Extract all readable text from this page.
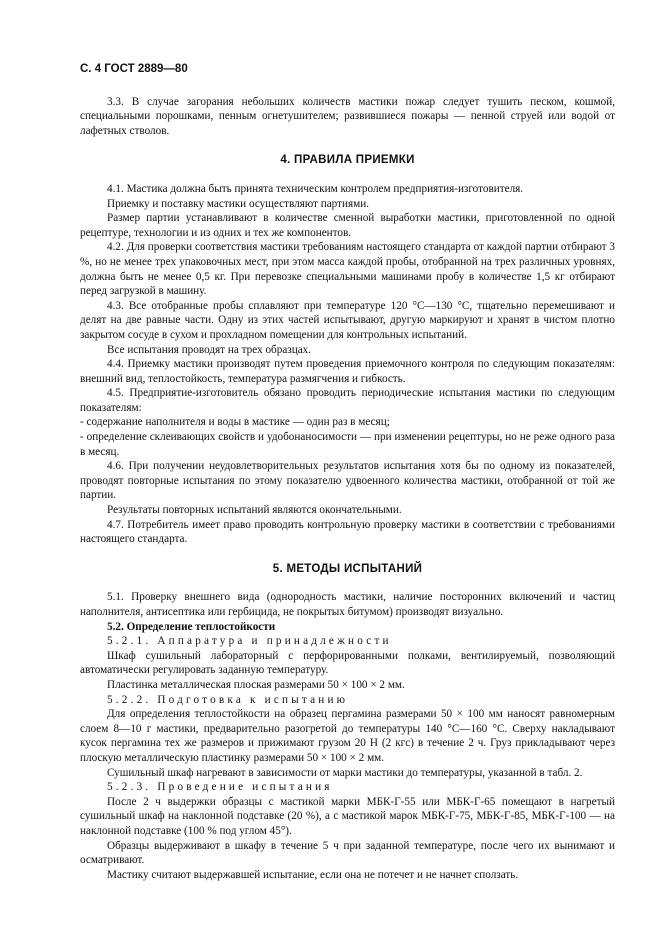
С. 4 ГОСТ 2889—80

3.3. В случае загорания небольших количеств мастики пожар следует тушить песком, кошмой, специальными порошками, пенным огнетушителем; развившиеся пожары — пенной струей или водой от лафетных стволов.

4. ПРАВИЛА ПРИЕМКИ

4.1. Мастика должна быть принята техническим контролем предприятия-изготовителя.

Приемку и поставку мастики осуществляют партиями.

Размер партии устанавливают в количестве сменной выработки мастики, приготовленной по одной рецептуре, технологии и из одних и тех же компонентов.

4.2. Для проверки соответствия мастики требованиям настоящего стандарта от каждой партии отбирают 3 %, но не менее трех упаковочных мест, при этом масса каждой пробы, отобранной на трех различных уровнях, должна быть не менее 0,5 кг. При перевозке специальными машинами пробу в количестве 1,5 кг отбирают перед загрузкой в машину.

4.3. Все отобранные пробы сплавляют при температуре 120 °С—130 °С, тщательно перемешивают и делят на две равные части. Одну из этих частей испытывают, другую маркируют и хранят в чистом плотно закрытом сосуде в сухом и прохладном помещении для контрольных испытаний.

Все испытания проводят на трех образцах.

4.4. Приемку мастики производят путем проведения приемочного контроля по следующим показателям: внешний вид, теплостойкость, температура размягчения и гибкость.

4.5. Предприятие-изготовитель обязано проводить периодические испытания мастики по следующим показателям:

- содержание наполнителя и воды в мастике — один раз в месяц;

- определение склеивающих свойств и удобонаносимости — при изменении рецептуры, но не реже одного раза в месяц.

4.6. При получении неудовлетворительных результатов испытания хотя бы по одному из показателей, проводят повторные испытания по этому показателю удвоенного количества мастики, отобранной от той же партии.

Результаты повторных испытаний являются окончательными.

4.7. Потребитель имеет право проводить контрольную проверку мастики в соответствии с требованиями настоящего стандарта.

5. МЕТОДЫ ИСПЫТАНИЙ

5.1. Проверку внешнего вида (однородность мастики, наличие посторонних включений и частиц наполнителя, антисептика или гербицида, не покрытых битумом) производят визуально.

5.2. Определение теплостойкости

5.2.1. Аппаратура и принадлежности

Шкаф сушильный лабораторный с перфорированными полками, вентилируемый, позволяющий автоматически регулировать заданную температуру.

Пластинка металлическая плоская размерами 50 × 100 × 2 мм.

5.2.2. Подготовка к испытанию

Для определения теплостойкости на образец пергамина размерами 50 × 100 мм наносят равномерным слоем 8—10 г мастики, предварительно разогретой до температуры 140 °С—160 °С. Сверху накладывают кусок пергамина тех же размеров и прижимают грузом 20 Н (2 кгс) в течение 2 ч. Груз прикладывают через плоскую металлическую пластинку размерами 50 × 100 × 2 мм.

Сушильный шкаф нагревают в зависимости от марки мастики до температуры, указанной в табл. 2.

5.2.3. Проведение испытания

После 2 ч выдержки образцы с мастикой марки МБК-Г-55 или МБК-Г-65 помещают в нагретый сушильный шкаф на наклонной подставке (20 %), а с мастикой марок МБК-Г-75, МБК-Г-85, МБК-Г-100 — на наклонной подставке (100 % под углом 45°).

Образцы выдерживают в шкафу в течение 5 ч при заданной температуре, после чего их вынимают и осматривают.

Мастику считают выдержавшей испытание, если она не потечет и не начнет сползать.
